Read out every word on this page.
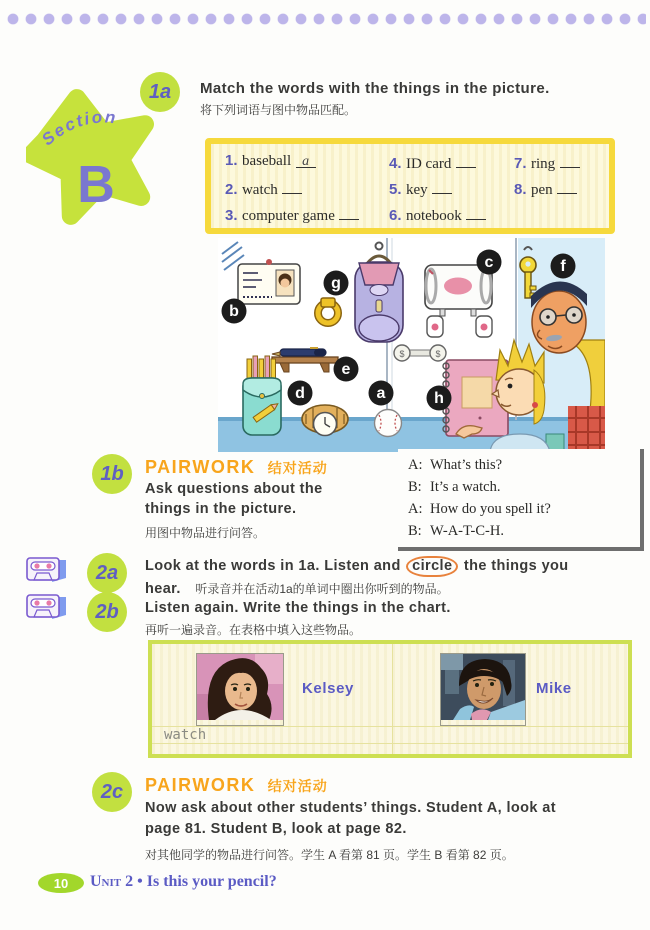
Section
B
1a Match the words with the things in the picture.
将下列词语与图中物品匹配。
1. baseball a
2. watch
3. computer game
4. ID card
5. key
6. notebook
7. ring
8. pen
b
g
c	f
e
d	a
$	$
h
1b PAIRWORK 结对活动
Ask questions about the
things in the picture.
用图中物品进行问答。
A: What’s this?
B: It’s a watch.
A: How do you spell it?
B: W-A-T-C-H.
2a Look at the words in 1a. Listen and circle the things you
hear. 听录音并在活动1a的单词中圈出你听到的物品。
2b Listen again. Write the things in the chart.
再听一遍录音。在表格中填入这些物品。
Kelsey	Mike
watch
2c PAIRWORK 结对活动
Now ask about other students’ things. Student A, look at
page 81. Student B, look at page 82.
对其他同学的物品进行问答。学生 A 看第 81 页。学生 B 看第 82 页。
10 Unit 2 • Is this your pencil?
